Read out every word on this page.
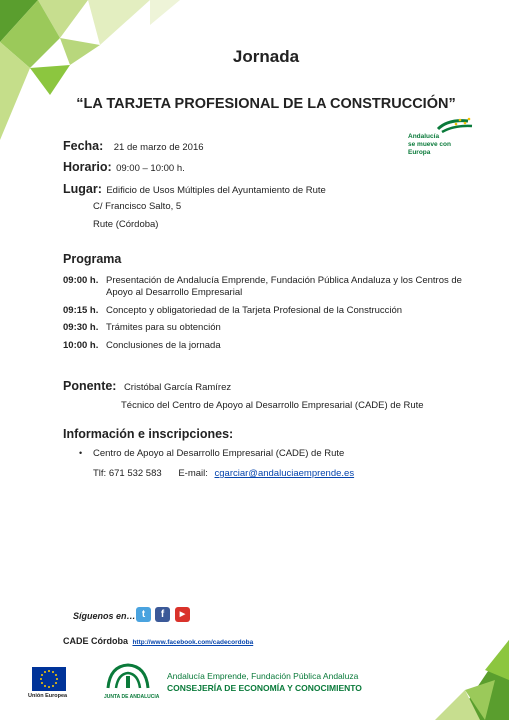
Jornada
“LA TARJETA PROFESIONAL DE LA CONSTRUCCIÓN”
Andalucía
se mueve con Europa
Fecha: 21 de marzo de 2016
Horario: 09:00 – 10:00 h.
Lugar: Edificio de Usos Múltiples del Ayuntamiento de Rute
C/ Francisco Salto, 5
Rute (Córdoba)
Programa
09:00 h. Presentación de Andalucía Emprende, Fundación Pública Andaluza y los Centros de Apoyo al Desarrollo Empresarial
09:15 h. Concepto y obligatoriedad de la Tarjeta Profesional de la Construcción
09:30 h. Trámites para su obtención
10:00 h. Conclusiones de la jornada
Ponente: Cristóbal García Ramírez
Técnico del Centro de Apoyo al Desarrollo Empresarial (CADE) de Rute
Información e inscripciones:
• Centro de Apoyo al Desarrollo Empresarial (CADE) de Rute
Tlf: 671 532 583 E-mail: cgarciar@andaluciaemprende.es
Síguenos en… t	f	▶
CADE Córdoba http://www.facebook.com/cadecordoba
Unión Europea	JUNTA DE ANDALUCIA
Andalucía Emprende, Fundación Pública Andaluza
CONSEJERÍA DE ECONOMÍA Y CONOCIMIENTO
